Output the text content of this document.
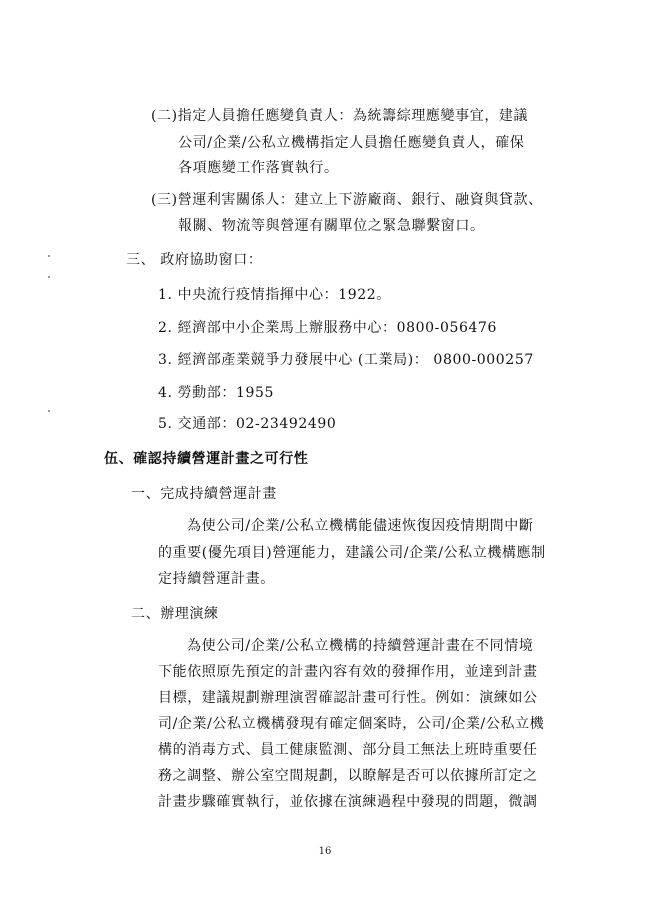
(二)指定人員擔任應變負責人：為統籌綜理應變事宜，建議
公司/企業/公私立機構指定人員擔任應變負責人，確保
各項應變工作落實執行。
(三)營運利害關係人：建立上下游廠商、銀行、融資與貸款、
報關、物流等與營運有關單位之緊急聯繫窗口。
三、 政府協助窗口：
1. 中央流行疫情指揮中心：1922。
2. 經濟部中小企業馬上辦服務中心：0800-056476
3. 經濟部產業競爭力發展中心 (工業局)： 0800-000257
4. 勞動部：1955
5. 交通部：02-23492490
伍、確認持續營運計畫之可行性
一、完成持續營運計畫
為使公司/企業/公私立機構能儘速恢復因疫情期間中斷
的重要(優先項目)營運能力，建議公司/企業/公私立機構應制
定持續營運計畫。
二、辦理演練
為使公司/企業/公私立機構的持續營運計畫在不同情境
下能依照原先預定的計畫內容有效的發揮作用，並達到計畫
目標，建議規劃辦理演習確認計畫可行性。例如：演練如公
司/企業/公私立機構發現有確定個案時，公司/企業/公私立機
構的消毒方式、員工健康監測、部分員工無法上班時重要任
務之調整、辦公室空間規劃，以瞭解是否可以依據所訂定之
計畫步驟確實執行，並依據在演練過程中發現的問題，微調
16
